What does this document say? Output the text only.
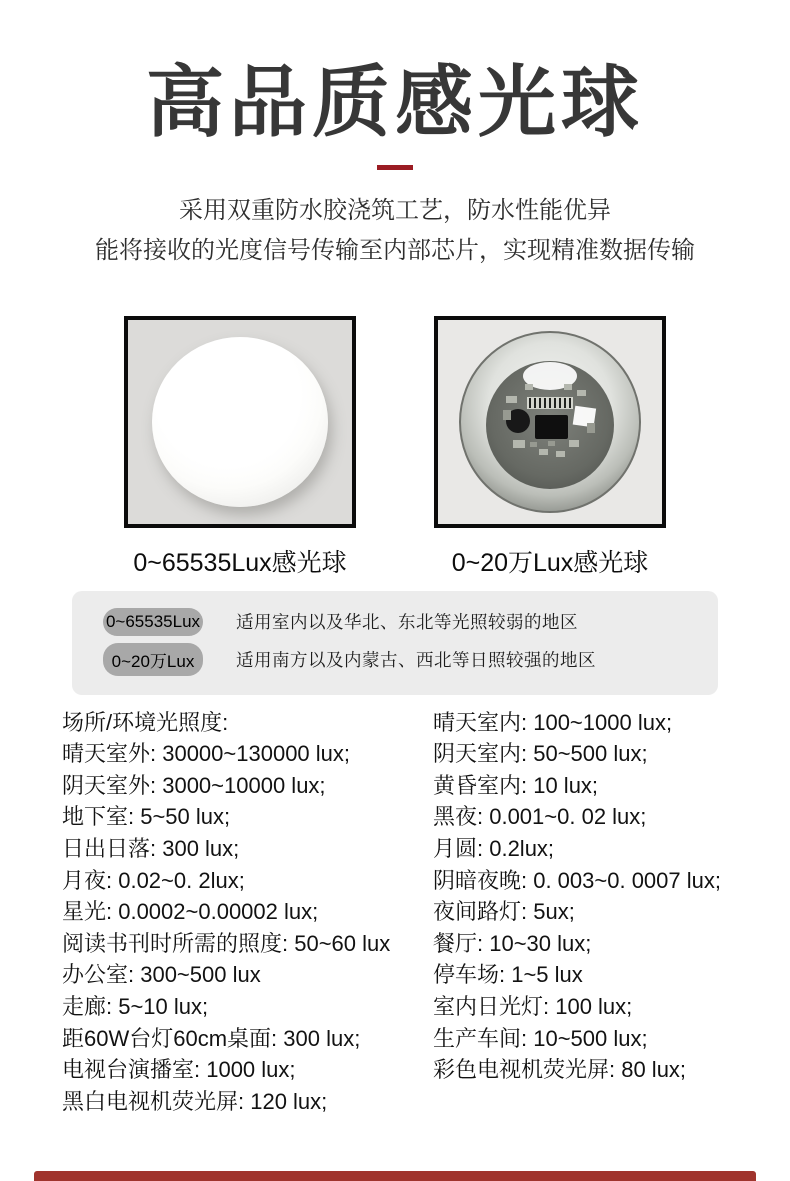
高品质感光球

采用双重防水胶浇筑工艺，防水性能优异
能将接收的光度信号传输至内部芯片，实现精准数据传输

0~65535Lux感光球	0~20万Lux感光球
0~65535Lux 适用室内以及华北、东北等光照较弱的地区
0~20万Lux	适用南方以及内蒙古、西北等日照较强的地区
场所/环境光照度:
晴天室外: 30000~130000 lux;
阴天室外: 3000~10000 lux;
地下室: 5~50 lux;
日出日落: 300 lux;
月夜: 0.02~0. 2lux;
星光: 0.0002~0.00002 lux;
阅读书刊时所需的照度: 50~60 lux
办公室: 300~500 lux
走廊: 5~10 lux;
距60W台灯60cm桌面: 300 lux;
电视台演播室: 1000 lux;
黑白电视机荧光屏: 120 lux;
晴天室内: 100~1000 lux;
阴天室内: 50~500 lux;
黄昏室内: 10 lux;
黑夜: 0.001~0. 02 lux;
月圆: 0.2lux;
阴暗夜晚: 0. 003~0. 0007 lux;
夜间路灯: 5ux;
餐厅: 10~30 lux;
停车场: 1~5 lux
室内日光灯: 100 lux;
生产车间: 10~500 lux;
彩色电视机荧光屏: 80 lux;
